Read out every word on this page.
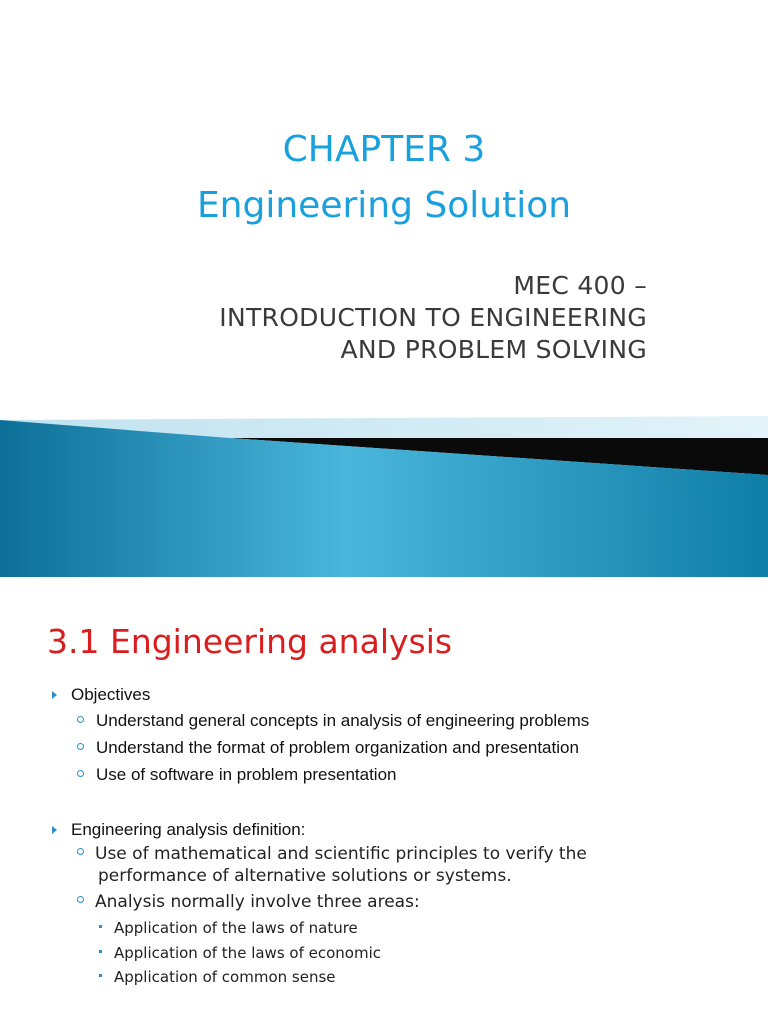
CHAPTER 3
Engineering Solution
MEC 400 –
INTRODUCTION TO ENGINEERING
AND PROBLEM SOLVING
3.1 Engineering analysis
Objectives
Understand general concepts in analysis of engineering problems
Understand the format of problem organization and presentation
Use of software in problem presentation
Engineering analysis definition:
Use of mathematical and scientific principles to verify the
performance of alternative solutions or systems.
Analysis normally involve three areas:
Application of the laws of nature
Application of the laws of economic
Application of common sense
